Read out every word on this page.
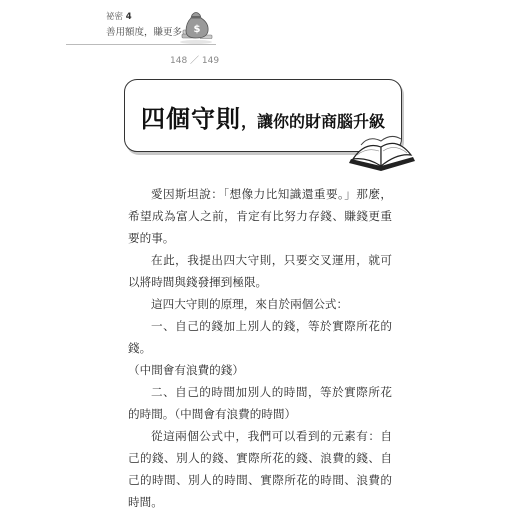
祕密 4
善用額度，賺更多 $
148 ／ 149
四個守則，讓你的財商腦升級

愛因斯坦說：「想像力比知識還重要。」那麼，希望成為富人之前，肯定有比努力存錢、賺錢更重要的事。

在此，我提出四大守則，只要交叉運用，就可以將時間與錢發揮到極限。

這四大守則的原理，來自於兩個公式：

一、自己的錢加上別人的錢，等於實際所花的錢。

（中間會有浪費的錢）

二、自己的時間加別人的時間，等於實際所花的時間。（中間會有浪費的時間）

從這兩個公式中，我們可以看到的元素有：自己的錢、別人的錢、實際所花的錢、浪費的錢、自己的時間、別人的時間、實際所花的時間、浪費的時間。
